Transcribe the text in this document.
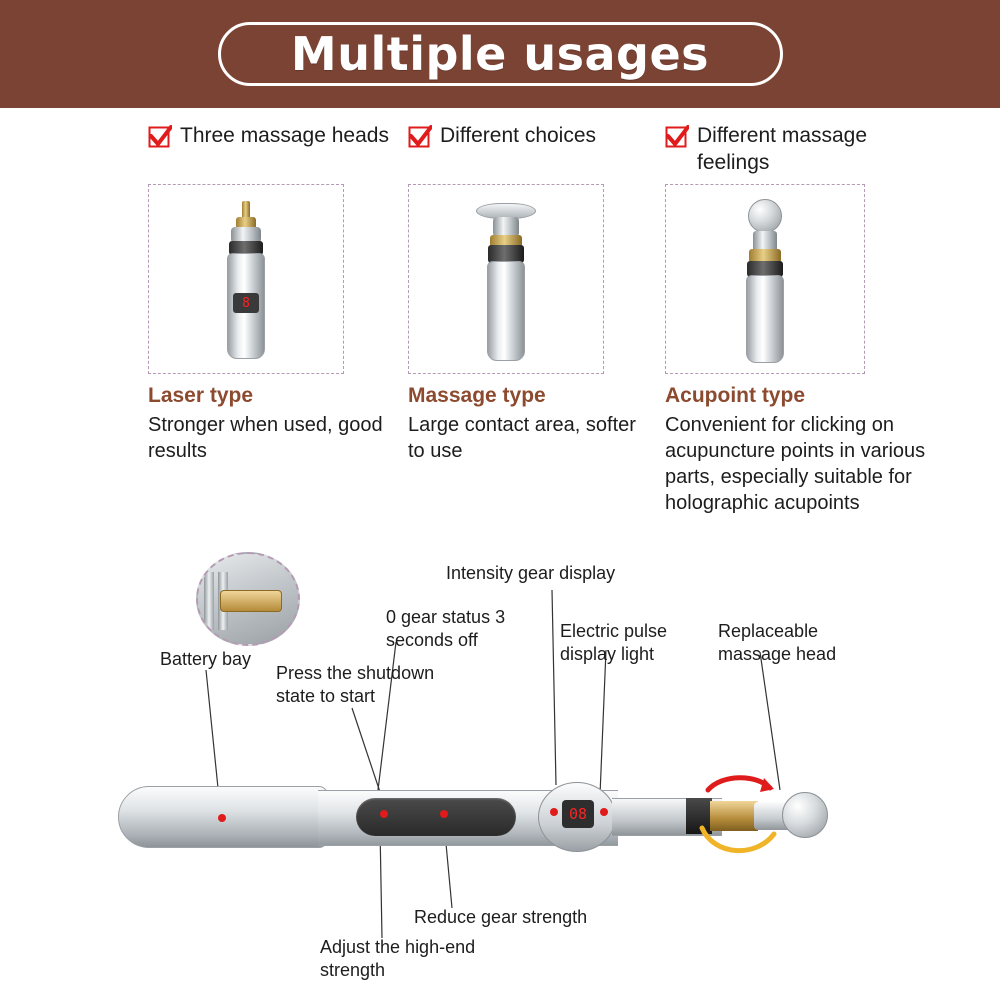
Multiple usages
Three massage heads
8
Laser type
Stronger when used, good results
Different choices
Massage type
Large contact area, softer to use
Different massage feelings
Acupoint type
Convenient for clicking on acupuncture points in various parts, especially suitable for holographic acupoints
Battery bay
Press the shutdown state to start
0 gear status 3 seconds off
Intensity gear display
Electric pulse display light
Replaceable massage head
Reduce gear strength
Adjust the high-end strength
08
